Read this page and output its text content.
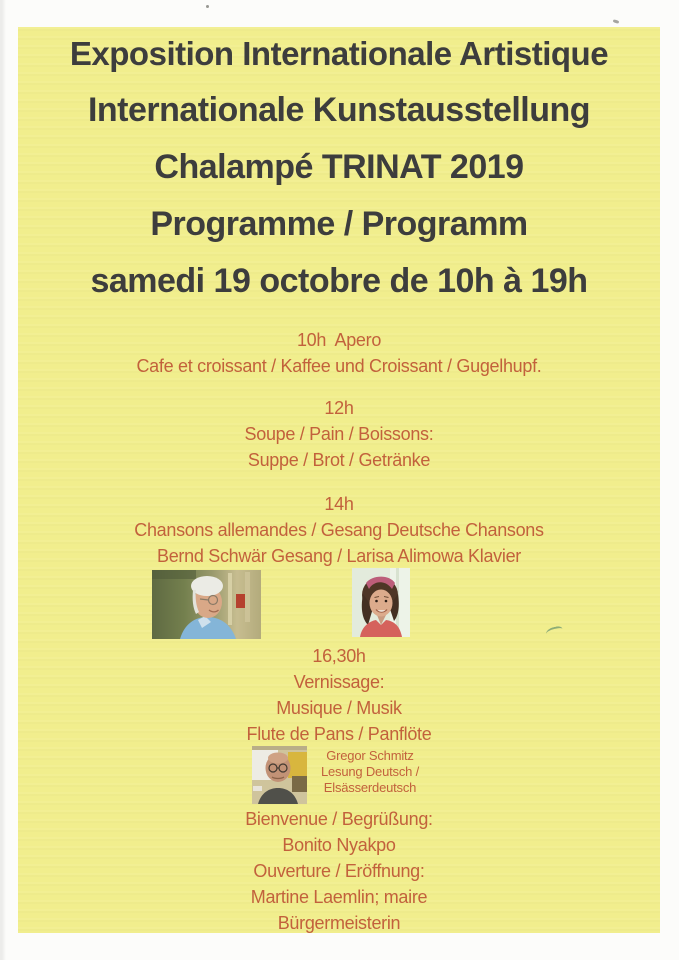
Exposition Internationale Artistique
Internationale Kunstausstellung
Chalampé TRINAT 2019
Programme / Programm
samedi 19 octobre de 10h à 19h
10h  Apero
Cafe et croissant / Kaffee und Croissant / Gugelhupf.
12h
Soupe / Pain / Boissons:
Suppe / Brot / Getränke
14h
Chansons allemandes / Gesang Deutsche Chansons
Bernd Schwär Gesang / Larisa Alimowa Klavier
16,30h
Vernissage:
Musique / Musik
Flute de Pans / Panflöte
Gregor Schmitz
Lesung Deutsch /
Elsässerdeutsch
Bienvenue / Begrüßung:
Bonito Nyakpo
Ouverture / Eröffnung:
Martine Laemlin; maire
Bürgermeisterin
